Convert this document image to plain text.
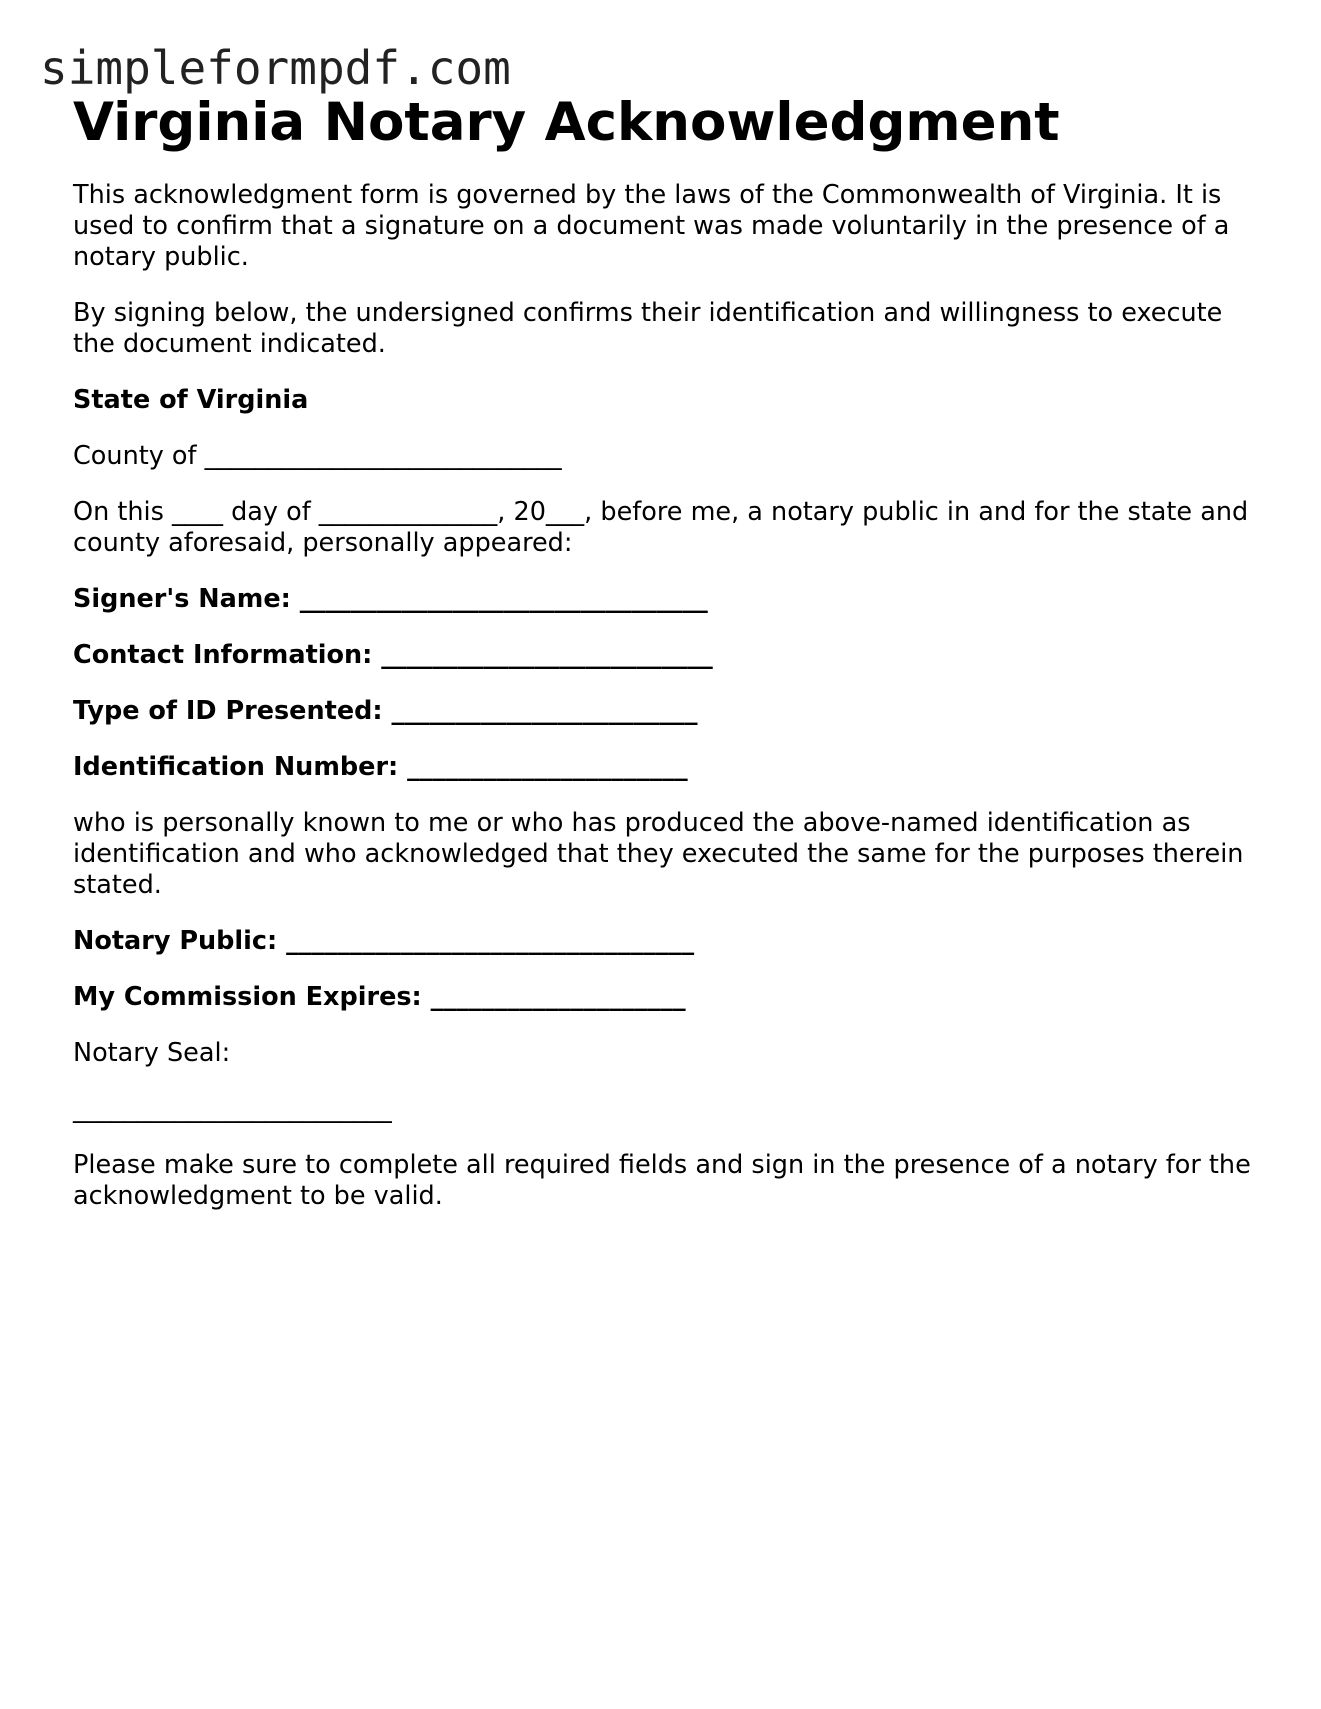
simpleformpdf.com
Virginia Notary Acknowledgment

This acknowledgment form is governed by the laws of the Commonwealth of Virginia. It is used to confirm that a signature on a document was made voluntarily in the presence of a notary public.

By signing below, the undersigned confirms their identification and willingness to execute the document indicated.

State of Virginia

County of ____________________________

On this ____ day of ______________, 20___, before me, a notary public in and for the state and county aforesaid, personally appeared:

Signer's Name: ________________________________

Contact Information: __________________________

Type of ID Presented: ________________________

Identification Number: ______________________

who is personally known to me or who has produced the above-named identification as identification and who acknowledged that they executed the same for the purposes therein stated.

Notary Public: ________________________________

My Commission Expires: ____________________

Notary Seal:

_________________________

Please make sure to complete all required fields and sign in the presence of a notary for the acknowledgment to be valid.
